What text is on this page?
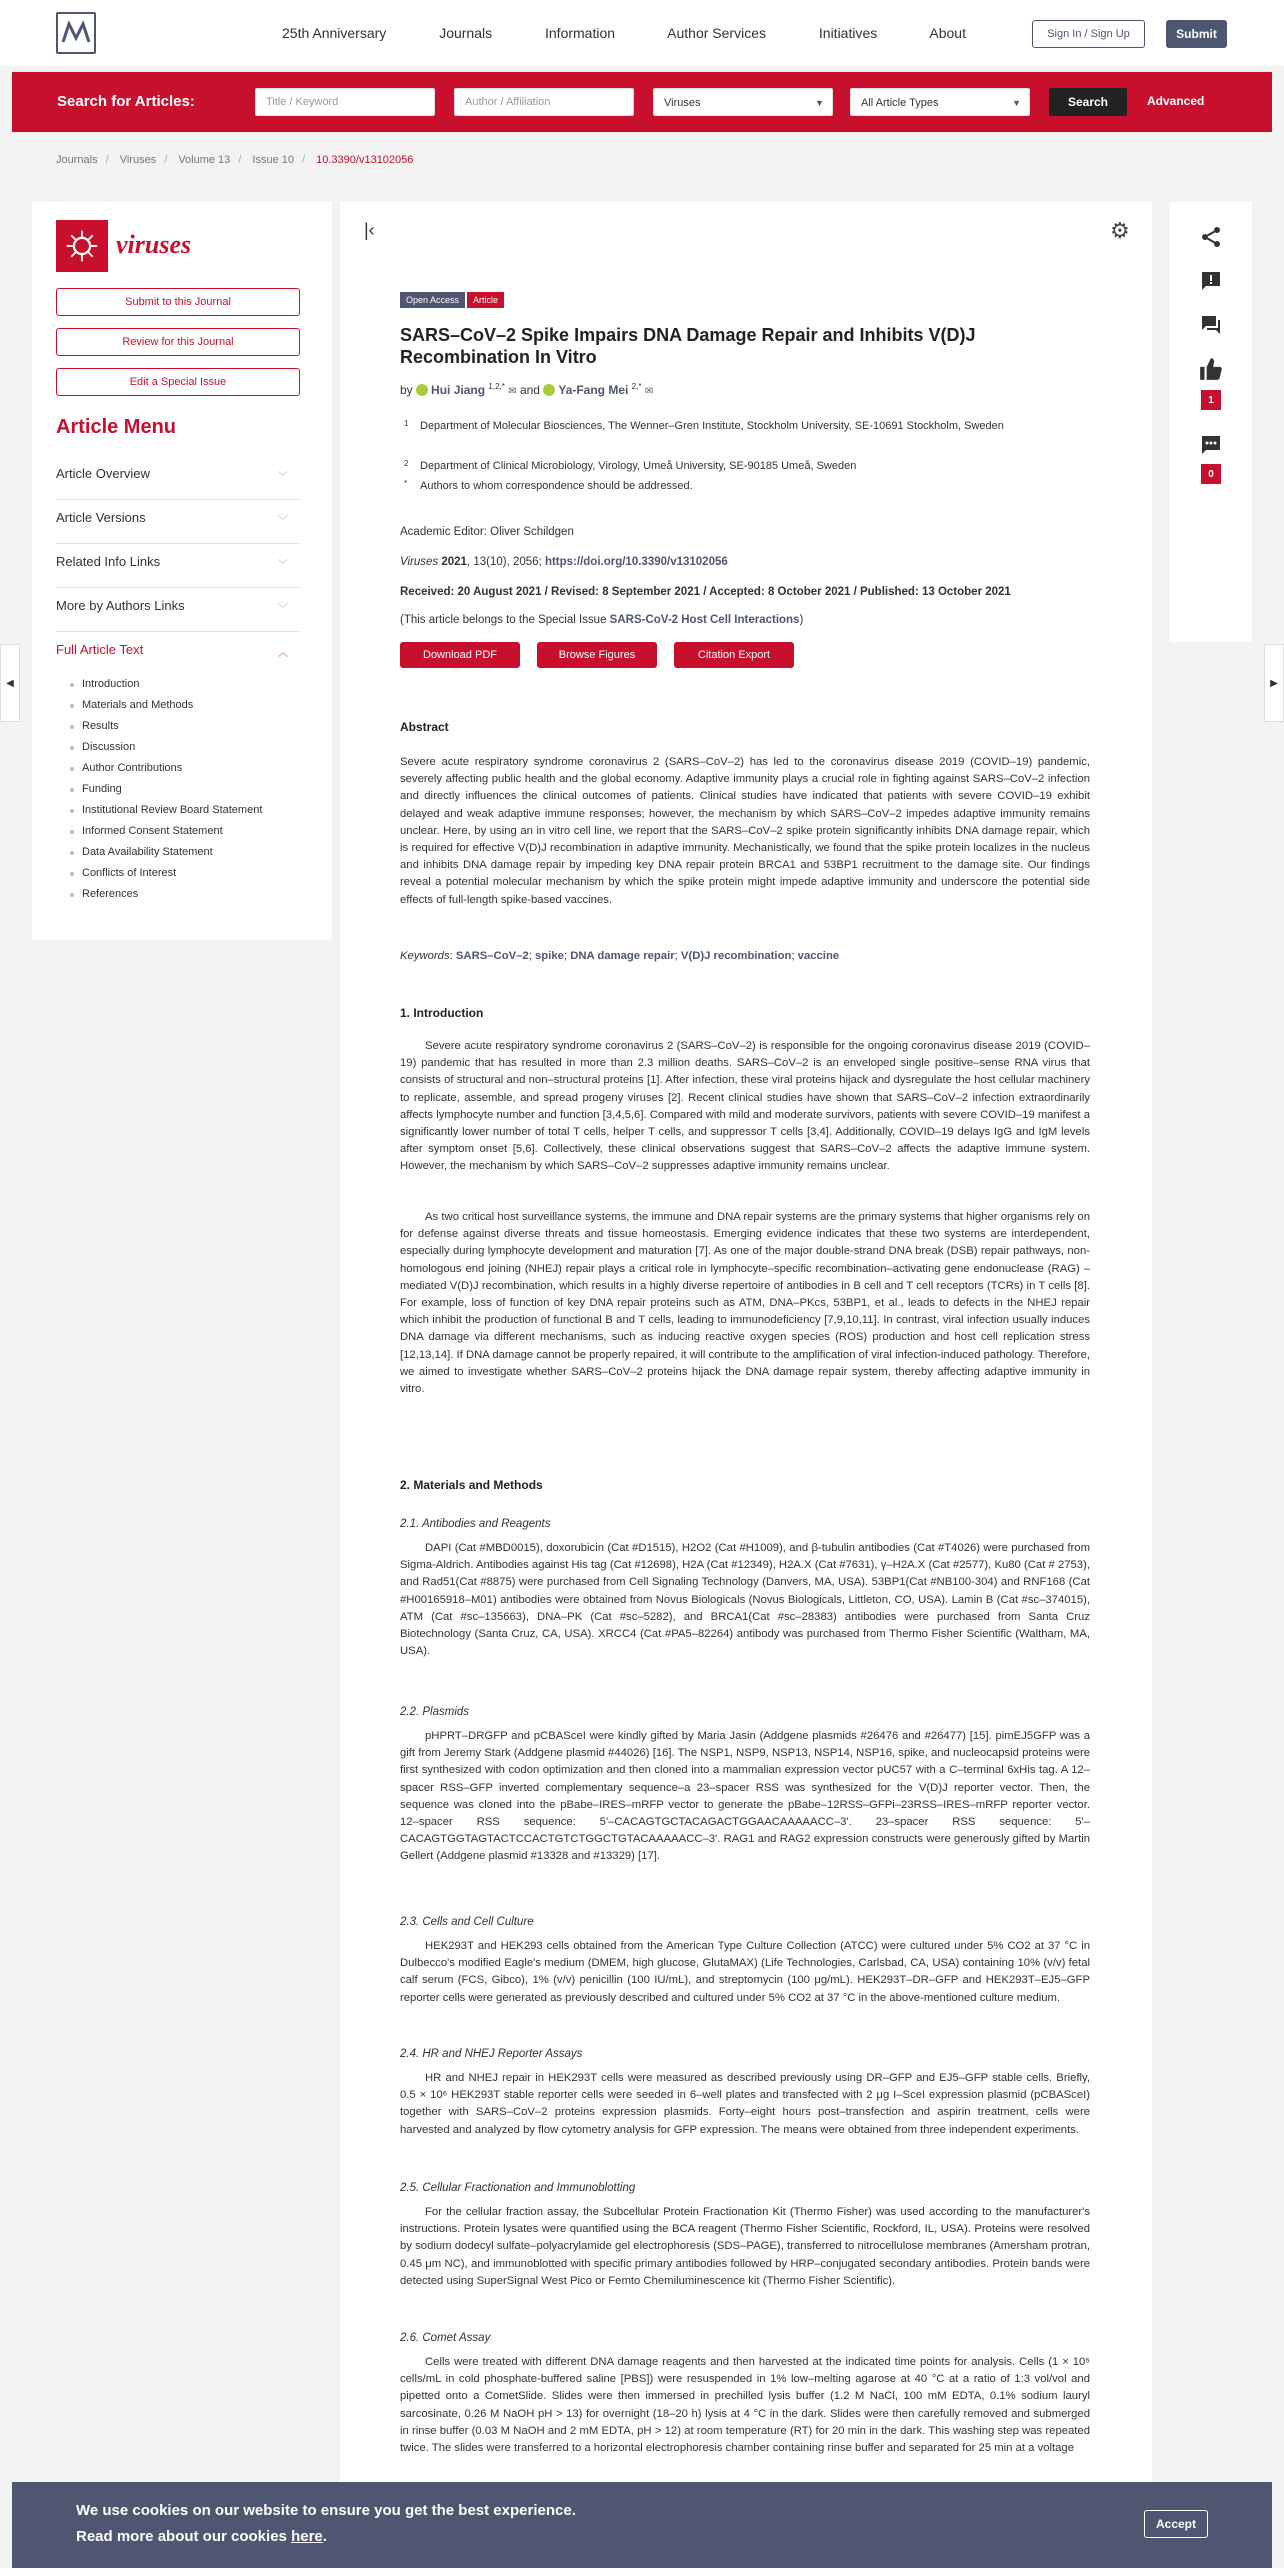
25th Anniversary	Journals	Information	Author Services	Initiatives	About	Sign In / Sign Up	Submit
Search for Articles:	Title / Keyword	Author / Affiliation	Viruses	▼	All Article Types	▼	Search	Advanced
Journals / Viruses / Volume 13 / Issue 10 / 10.3390/v13102056
viruses
Submit to this Journal
Review for this Journal
Edit a Special Issue
Article Menu
Article Overview	﹀
Article Versions	﹀
Related Info Links	﹀
More by Authors Links	﹀
Full Article Text	︿
Introduction
Materials and Methods
Results
Discussion
Author Contributions
Funding
Institutional Review Board Statement
Informed Consent Statement
Data Availability Statement
Conflicts of Interest
References
|‹	⚙
Open Access Article
SARS–CoV–2 Spike Impairs DNA Damage Repair and Inhibits V(D)J Recombination In Vitro
by Hui Jiang $^{1,2,*}$ ✉ and Ya-Fang Mei $^{2,*}$ ✉
1	Department of Molecular Biosciences, The Wenner–Gren Institute, Stockholm University, SE-10691 Stockholm, Sweden
2	Department of Clinical Microbiology, Virology, Umeå University, SE-90185 Umeå, Sweden
*	Authors to whom correspondence should be addressed.
Academic Editor: Oliver Schildgen
Viruses 2021, 13(10), 2056; https://doi.org/10.3390/v13102056
Received: 20 August 2021 / Revised: 8 September 2021 / Accepted: 8 October 2021 / Published: 13 October 2021
(This article belongs to the Special Issue SARS-CoV-2 Host Cell Interactions)
Download PDF	Browse Figures	Citation Export
Abstract
Severe acute respiratory syndrome coronavirus 2 (SARS–CoV–2) has led to the coronavirus disease 2019 (COVID–19) pandemic, severely affecting public health and the global economy. Adaptive immunity plays a crucial role in fighting against SARS–CoV–2 infection and directly influences the clinical outcomes of patients. Clinical studies have indicated that patients with severe COVID–19 exhibit delayed and weak adaptive immune responses; however, the mechanism by which SARS–CoV–2 impedes adaptive immunity remains unclear. Here, by using an in vitro cell line, we report that the SARS–CoV–2 spike protein significantly inhibits DNA damage repair, which is required for effective V(D)J recombination in adaptive immunity. Mechanistically, we found that the spike protein localizes in the nucleus and inhibits DNA damage repair by impeding key DNA repair protein BRCA1 and 53BP1 recruitment to the damage site. Our findings reveal a potential molecular mechanism by which the spike protein might impede adaptive immunity and underscore the potential side effects of full-length spike-based vaccines.
Keywords: SARS–CoV–2; spike; DNA damage repair; V(D)J recombination; vaccine
1. Introduction
Severe acute respiratory syndrome coronavirus 2 (SARS–CoV–2) is responsible for the ongoing coronavirus disease 2019 (COVID–19) pandemic that has resulted in more than 2.3 million deaths. SARS–CoV–2 is an enveloped single positive–sense RNA virus that consists of structural and non–structural proteins [1]. After infection, these viral proteins hijack and dysregulate the host cellular machinery to replicate, assemble, and spread progeny viruses [2]. Recent clinical studies have shown that SARS–CoV–2 infection extraordinarily affects lymphocyte number and function [3,4,5,6]. Compared with mild and moderate survivors, patients with severe COVID–19 manifest a significantly lower number of total T cells, helper T cells, and suppressor T cells [3,4]. Additionally, COVID–19 delays IgG and IgM levels after symptom onset [5,6]. Collectively, these clinical observations suggest that SARS–CoV–2 affects the adaptive immune system. However, the mechanism by which SARS–CoV–2 suppresses adaptive immunity remains unclear.
As two critical host surveillance systems, the immune and DNA repair systems are the primary systems that higher organisms rely on for defense against diverse threats and tissue homeostasis. Emerging evidence indicates that these two systems are interdependent, especially during lymphocyte development and maturation [7]. As one of the major double-strand DNA break (DSB) repair pathways, non-homologous end joining (NHEJ) repair plays a critical role in lymphocyte–specific recombination–activating gene endonuclease (RAG) –mediated V(D)J recombination, which results in a highly diverse repertoire of antibodies in B cell and T cell receptors (TCRs) in T cells [8]. For example, loss of function of key DNA repair proteins such as ATM, DNA–PKcs, 53BP1, et al., leads to defects in the NHEJ repair which inhibit the production of functional B and T cells, leading to immunodeficiency [7,9,10,11]. In contrast, viral infection usually induces DNA damage via different mechanisms, such as inducing reactive oxygen species (ROS) production and host cell replication stress [12,13,14]. If DNA damage cannot be properly repaired, it will contribute to the amplification of viral infection-induced pathology. Therefore, we aimed to investigate whether SARS–CoV–2 proteins hijack the DNA damage repair system, thereby affecting adaptive immunity in vitro.
2. Materials and Methods
2.1. Antibodies and Reagents
DAPI (Cat #MBD0015), doxorubicin (Cat #D1515), H2O2 (Cat #H1009), and β-tubulin antibodies (Cat #T4026) were purchased from Sigma-Aldrich. Antibodies against His tag (Cat #12698), H2A (Cat #12349), H2A.X (Cat #7631), γ–H2A.X (Cat #2577), Ku80 (Cat # 2753), and Rad51(Cat #8875) were purchased from Cell Signaling Technology (Danvers, MA, USA). 53BP1(Cat #NB100-304) and RNF168 (Cat #H00165918–M01) antibodies were obtained from Novus Biologicals (Novus Biologicals, Littleton, CO, USA). Lamin B (Cat #sc–374015), ATM (Cat #sc–135663), DNA–PK (Cat #sc–5282), and BRCA1(Cat #sc–28383) antibodies were purchased from Santa Cruz Biotechnology (Santa Cruz, CA, USA). XRCC4 (Cat #PA5–82264) antibody was purchased from Thermo Fisher Scientific (Waltham, MA, USA).
2.2. Plasmids
pHPRT–DRGFP and pCBASceI were kindly gifted by Maria Jasin (Addgene plasmids #26476 and #26477) [15]. pimEJ5GFP was a gift from Jeremy Stark (Addgene plasmid #44026) [16]. The NSP1, NSP9, NSP13, NSP14, NSP16, spike, and nucleocapsid proteins were first synthesized with codon optimization and then cloned into a mammalian expression vector pUC57 with a C–terminal 6xHis tag. A 12–spacer RSS–GFP inverted complementary sequence–a 23–spacer RSS was synthesized for the V(D)J reporter vector. Then, the sequence was cloned into the pBabe–IRES–mRFP vector to generate the pBabe–12RSS–GFPi–23RSS–IRES–mRFP reporter vector. 12–spacer RSS sequence: 5'–CACAGTGCTACAGACTGGAACAAAAACC–3'. 23–spacer RSS sequence: 5'–CACAGTGGTAGTACTCCACTGTCTGGCTGTACAAAAACC–3'. RAG1 and RAG2 expression constructs were generously gifted by Martin Gellert (Addgene plasmid #13328 and #13329) [17].
2.3. Cells and Cell Culture
HEK293T and HEK293 cells obtained from the American Type Culture Collection (ATCC) were cultured under 5% CO2 at 37 °C in Dulbecco's modified Eagle's medium (DMEM, high glucose, GlutaMAX) (Life Technologies, Carlsbad, CA, USA) containing 10% (v/v) fetal calf serum (FCS, Gibco), 1% (v/v) penicillin (100 IU/mL), and streptomycin (100 μg/mL). HEK293T–DR–GFP and HEK293T–EJ5–GFP reporter cells were generated as previously described and cultured under 5% CO2 at 37 °C in the above-mentioned culture medium.
2.4. HR and NHEJ Reporter Assays
HR and NHEJ repair in HEK293T cells were measured as described previously using DR–GFP and EJ5–GFP stable cells. Briefly, 0.5 × 10⁶ HEK293T stable reporter cells were seeded in 6–well plates and transfected with 2 μg I–SceI expression plasmid (pCBASceI) together with SARS–CoV–2 proteins expression plasmids. Forty–eight hours post–transfection and aspirin treatment, cells were harvested and analyzed by flow cytometry analysis for GFP expression. The means were obtained from three independent experiments.
2.5. Cellular Fractionation and Immunoblotting
For the cellular fraction assay, the Subcellular Protein Fractionation Kit (Thermo Fisher) was used according to the manufacturer's instructions. Protein lysates were quantified using the BCA reagent (Thermo Fisher Scientific, Rockford, IL, USA). Proteins were resolved by sodium dodecyl sulfate–polyacrylamide gel electrophoresis (SDS–PAGE), transferred to nitrocellulose membranes (Amersham protran, 0.45 μm NC), and immunoblotted with specific primary antibodies followed by HRP–conjugated secondary antibodies. Protein bands were detected using SuperSignal West Pico or Femto Chemiluminescence kit (Thermo Fisher Scientific).
2.6. Comet Assay
Cells were treated with different DNA damage reagents and then harvested at the indicated time points for analysis. Cells (1 × 10⁵ cells/mL in cold phosphate-buffered saline [PBS]) were resuspended in 1% low–melting agarose at 40 °C at a ratio of 1:3 vol/vol and pipetted onto a CometSlide. Slides were then immersed in prechilled lysis buffer (1.2 M NaCl, 100 mM EDTA, 0.1% sodium lauryl sarcosinate, 0.26 M NaOH pH > 13) for overnight (18–20 h) lysis at 4 °C in the dark. Slides were then carefully removed and submerged in rinse buffer (0.03 M NaOH and 2 mM EDTA, pH > 12) at room temperature (RT) for 20 min in the dark. This washing step was repeated twice. The slides were transferred to a horizontal electrophoresis chamber containing rinse buffer and separated for 25 min at a voltage
1
0
◀	▶
We use cookies on our website to ensure you get the best experience.
Read more about our cookies here.
Accept
